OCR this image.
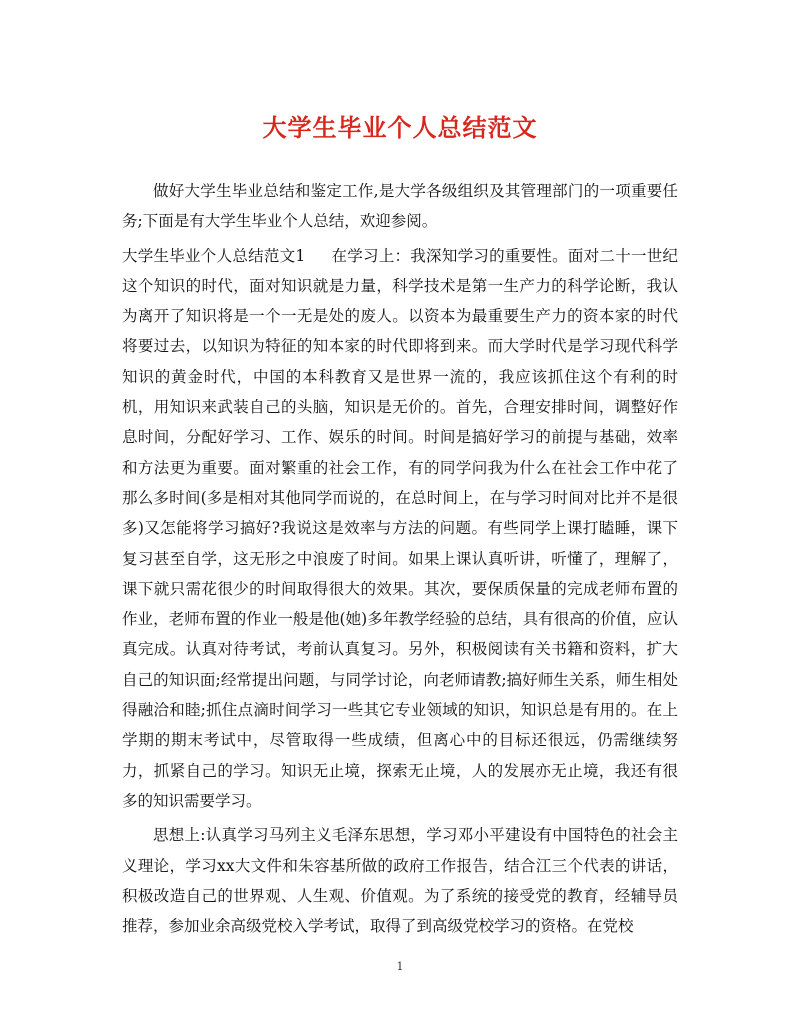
大学生毕业个人总结范文

做好大学生毕业总结和鉴定工作,是大学各级组织及其管理部门的一项重要任务;下面是有大学生毕业个人总结，欢迎参阅。

大学生毕业个人总结范文1 在学习上：我深知学习的重要性。面对二十一世纪这个知识的时代，面对知识就是力量，科学技术是第一生产力的科学论断，我认为离开了知识将是一个一无是处的废人。以资本为最重要生产力的资本家的时代将要过去，以知识为特征的知本家的时代即将到来。而大学时代是学习现代科学知识的黄金时代，中国的本科教育又是世界一流的，我应该抓住这个有利的时机，用知识来武装自己的头脑，知识是无价的。首先，合理安排时间，调整好作息时间，分配好学习、工作、娱乐的时间。时间是搞好学习的前提与基础，效率和方法更为重要。面对繁重的社会工作，有的同学问我为什么在社会工作中花了那么多时间(多是相对其他同学而说的，在总时间上，在与学习时间对比并不是很多)又怎能将学习搞好?我说这是效率与方法的问题。有些同学上课打瞌睡，课下复习甚至自学，这无形之中浪废了时间。如果上课认真听讲，听懂了，理解了，课下就只需花很少的时间取得很大的效果。其次，要保质保量的完成老师布置的作业，老师布置的作业一般是他(她)多年教学经验的总结，具有很高的价值，应认真完成。认真对待考试，考前认真复习。另外，积极阅读有关书籍和资料，扩大自己的知识面;经常提出问题，与同学讨论，向老师请教;搞好师生关系，师生相处得融洽和睦;抓住点滴时间学习一些其它专业领域的知识，知识总是有用的。在上学期的期末考试中，尽管取得一些成绩，但离心中的目标还很远，仍需继续努力，抓紧自己的学习。知识无止境，探索无止境，人的发展亦无止境，我还有很多的知识需要学习。

思想上:认真学习马列主义毛泽东思想，学习邓小平建设有中国特色的社会主义理论，学习xx大文件和朱容基所做的政府工作报告，结合江三个代表的讲话，积极改造自己的世界观、人生观、价值观。为了系统的接受党的教育，经辅导员推荐，参加业余高级党校入学考试，取得了到高级党校学习的资格。在党校

1
